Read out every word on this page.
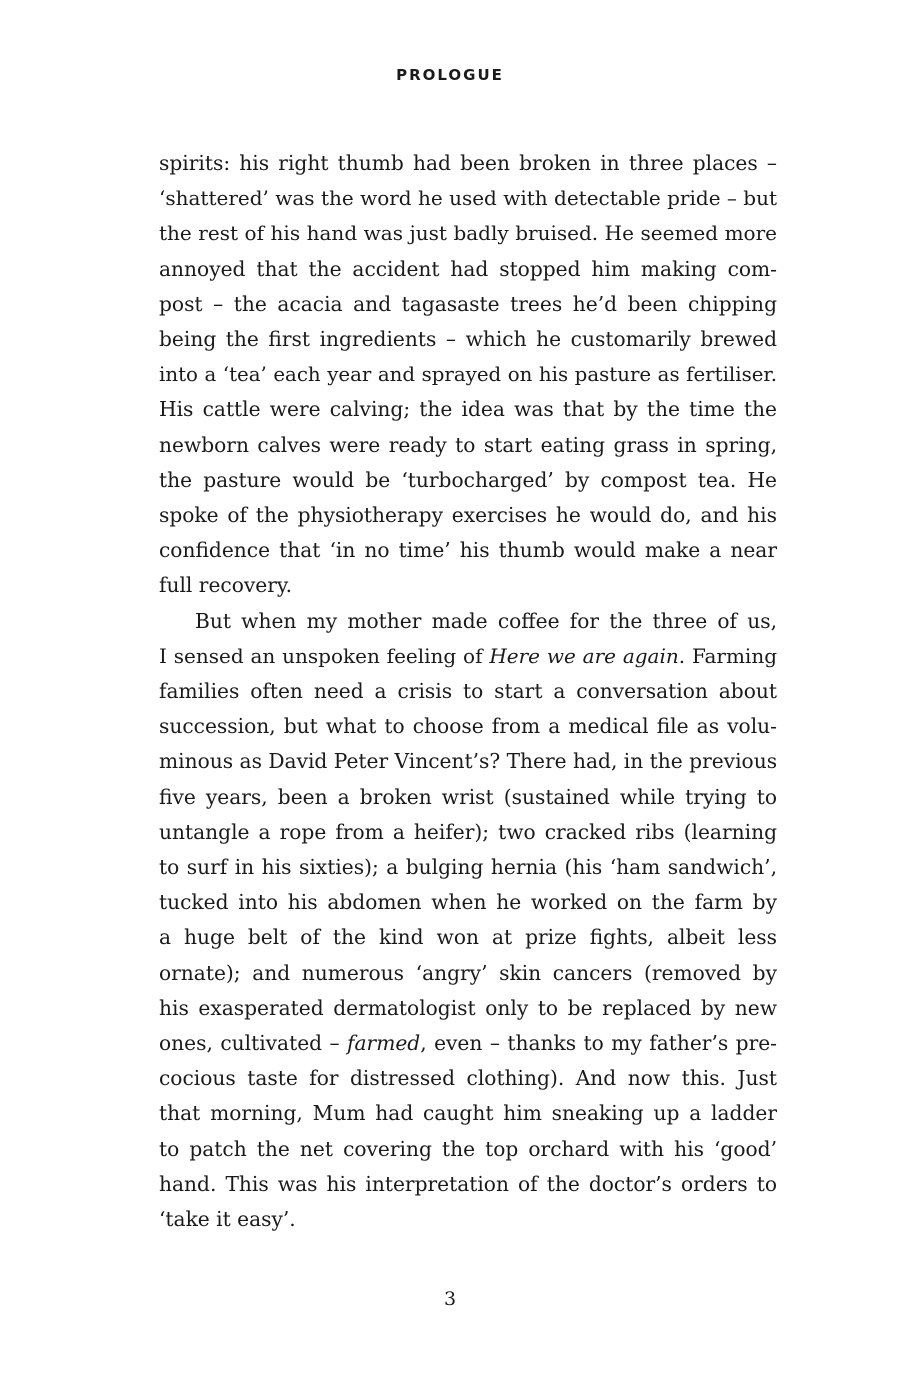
PROLOGUE
spirits: his right thumb had been broken in three places –
‘shattered’ was the word he used with detectable pride – but
the rest of his hand was just badly bruised. He seemed more
annoyed that the accident had stopped him making com-
post – the acacia and tagasaste trees he’d been chipping
being the first ingredients – which he customarily brewed
into a ‘tea’ each year and sprayed on his pasture as fertiliser.
His cattle were calving; the idea was that by the time the
newborn calves were ready to start eating grass in spring,
the pasture would be ‘turbocharged’ by compost tea. He
spoke of the physiotherapy exercises he would do, and his
confidence that ‘in no time’ his thumb would make a near
full recovery.
But when my mother made coffee for the three of us,
I sensed an unspoken feeling of Here we are again. Farming
families often need a crisis to start a conversation about
succession, but what to choose from a medical file as volu-
minous as David Peter Vincent’s? There had, in the previous
five years, been a broken wrist (sustained while trying to
untangle a rope from a heifer); two cracked ribs (learning
to surf in his sixties); a bulging hernia (his ‘ham sandwich’,
tucked into his abdomen when he worked on the farm by
a huge belt of the kind won at prize fights, albeit less
ornate); and numerous ‘angry’ skin cancers (removed by
his exasperated dermatologist only to be replaced by new
ones, cultivated – farmed, even – thanks to my father’s pre-
cocious taste for distressed clothing). And now this. Just
that morning, Mum had caught him sneaking up a ladder
to patch the net covering the top orchard with his ‘good’
hand. This was his interpretation of the doctor’s orders to
‘take it easy’.
3
